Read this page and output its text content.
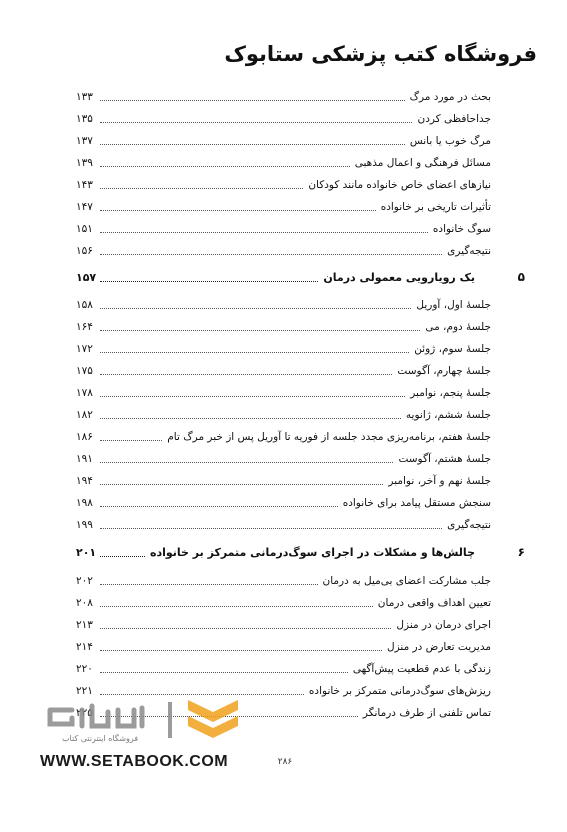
فروشگاه کتب پزشکی ستابوک
بحث در مورد مرگ
۱۳۳
جداحافظی کردن
۱۳۵
مرگ خوب یا بانس
۱۳۷
مسائل فرهنگی و اعمال مذهبی
۱۳۹
نیازهای اعضای خاص خانواده مانند کودکان
۱۴۳
تأثیرات تاریخی بر خانواده
۱۴۷
سوگ خانواده
۱۵۱
نتیجه‌گیری
۱۵۶
۵
یک رویارویی معمولی درمان
۱۵۷
جلسهٔ اول، آوریل
۱۵۸
جلسهٔ دوم، می
۱۶۴
جلسهٔ سوم، ژوئن
۱۷۲
جلسهٔ چهارم، آگوست
۱۷۵
جلسهٔ پنجم، نوامبر
۱۷۸
جلسهٔ ششم، ژانویه
۱۸۲
جلسهٔ هفتم، برنامه‌ریزی مجدد جلسه از فوریه تا آوریل پس از خبر مرگ تام
۱۸۶
جلسهٔ هشتم، آگوست
۱۹۱
جلسهٔ نهم و آخر، نوامبر
۱۹۴
سنجش مستقل پیامد برای خانواده
۱۹۸
نتیجه‌گیری
۱۹۹
۶
چالش‌ها و مشکلات در اجرای سوگ‌درمانی متمرکز بر خانواده
۲۰۱
جلب مشارکت اعضای بی‌میل به درمان
۲۰۲
تعیین اهداف واقعی درمان
۲۰۸
اجرای درمان در منزل
۲۱۳
مدیریت تعارض در منزل
۲۱۴
زندگی با عدم قطعیت پیش‌آگهی
۲۲۰
ریزش‌های سوگ‌درمانی متمرکز بر خانواده
۲۲۱
تماس تلفنی از طرف درمانگر
۲۲۵
فروشگاه اینترنتی کتاب
WWW.SETABOOK.COM	۲۸۶
